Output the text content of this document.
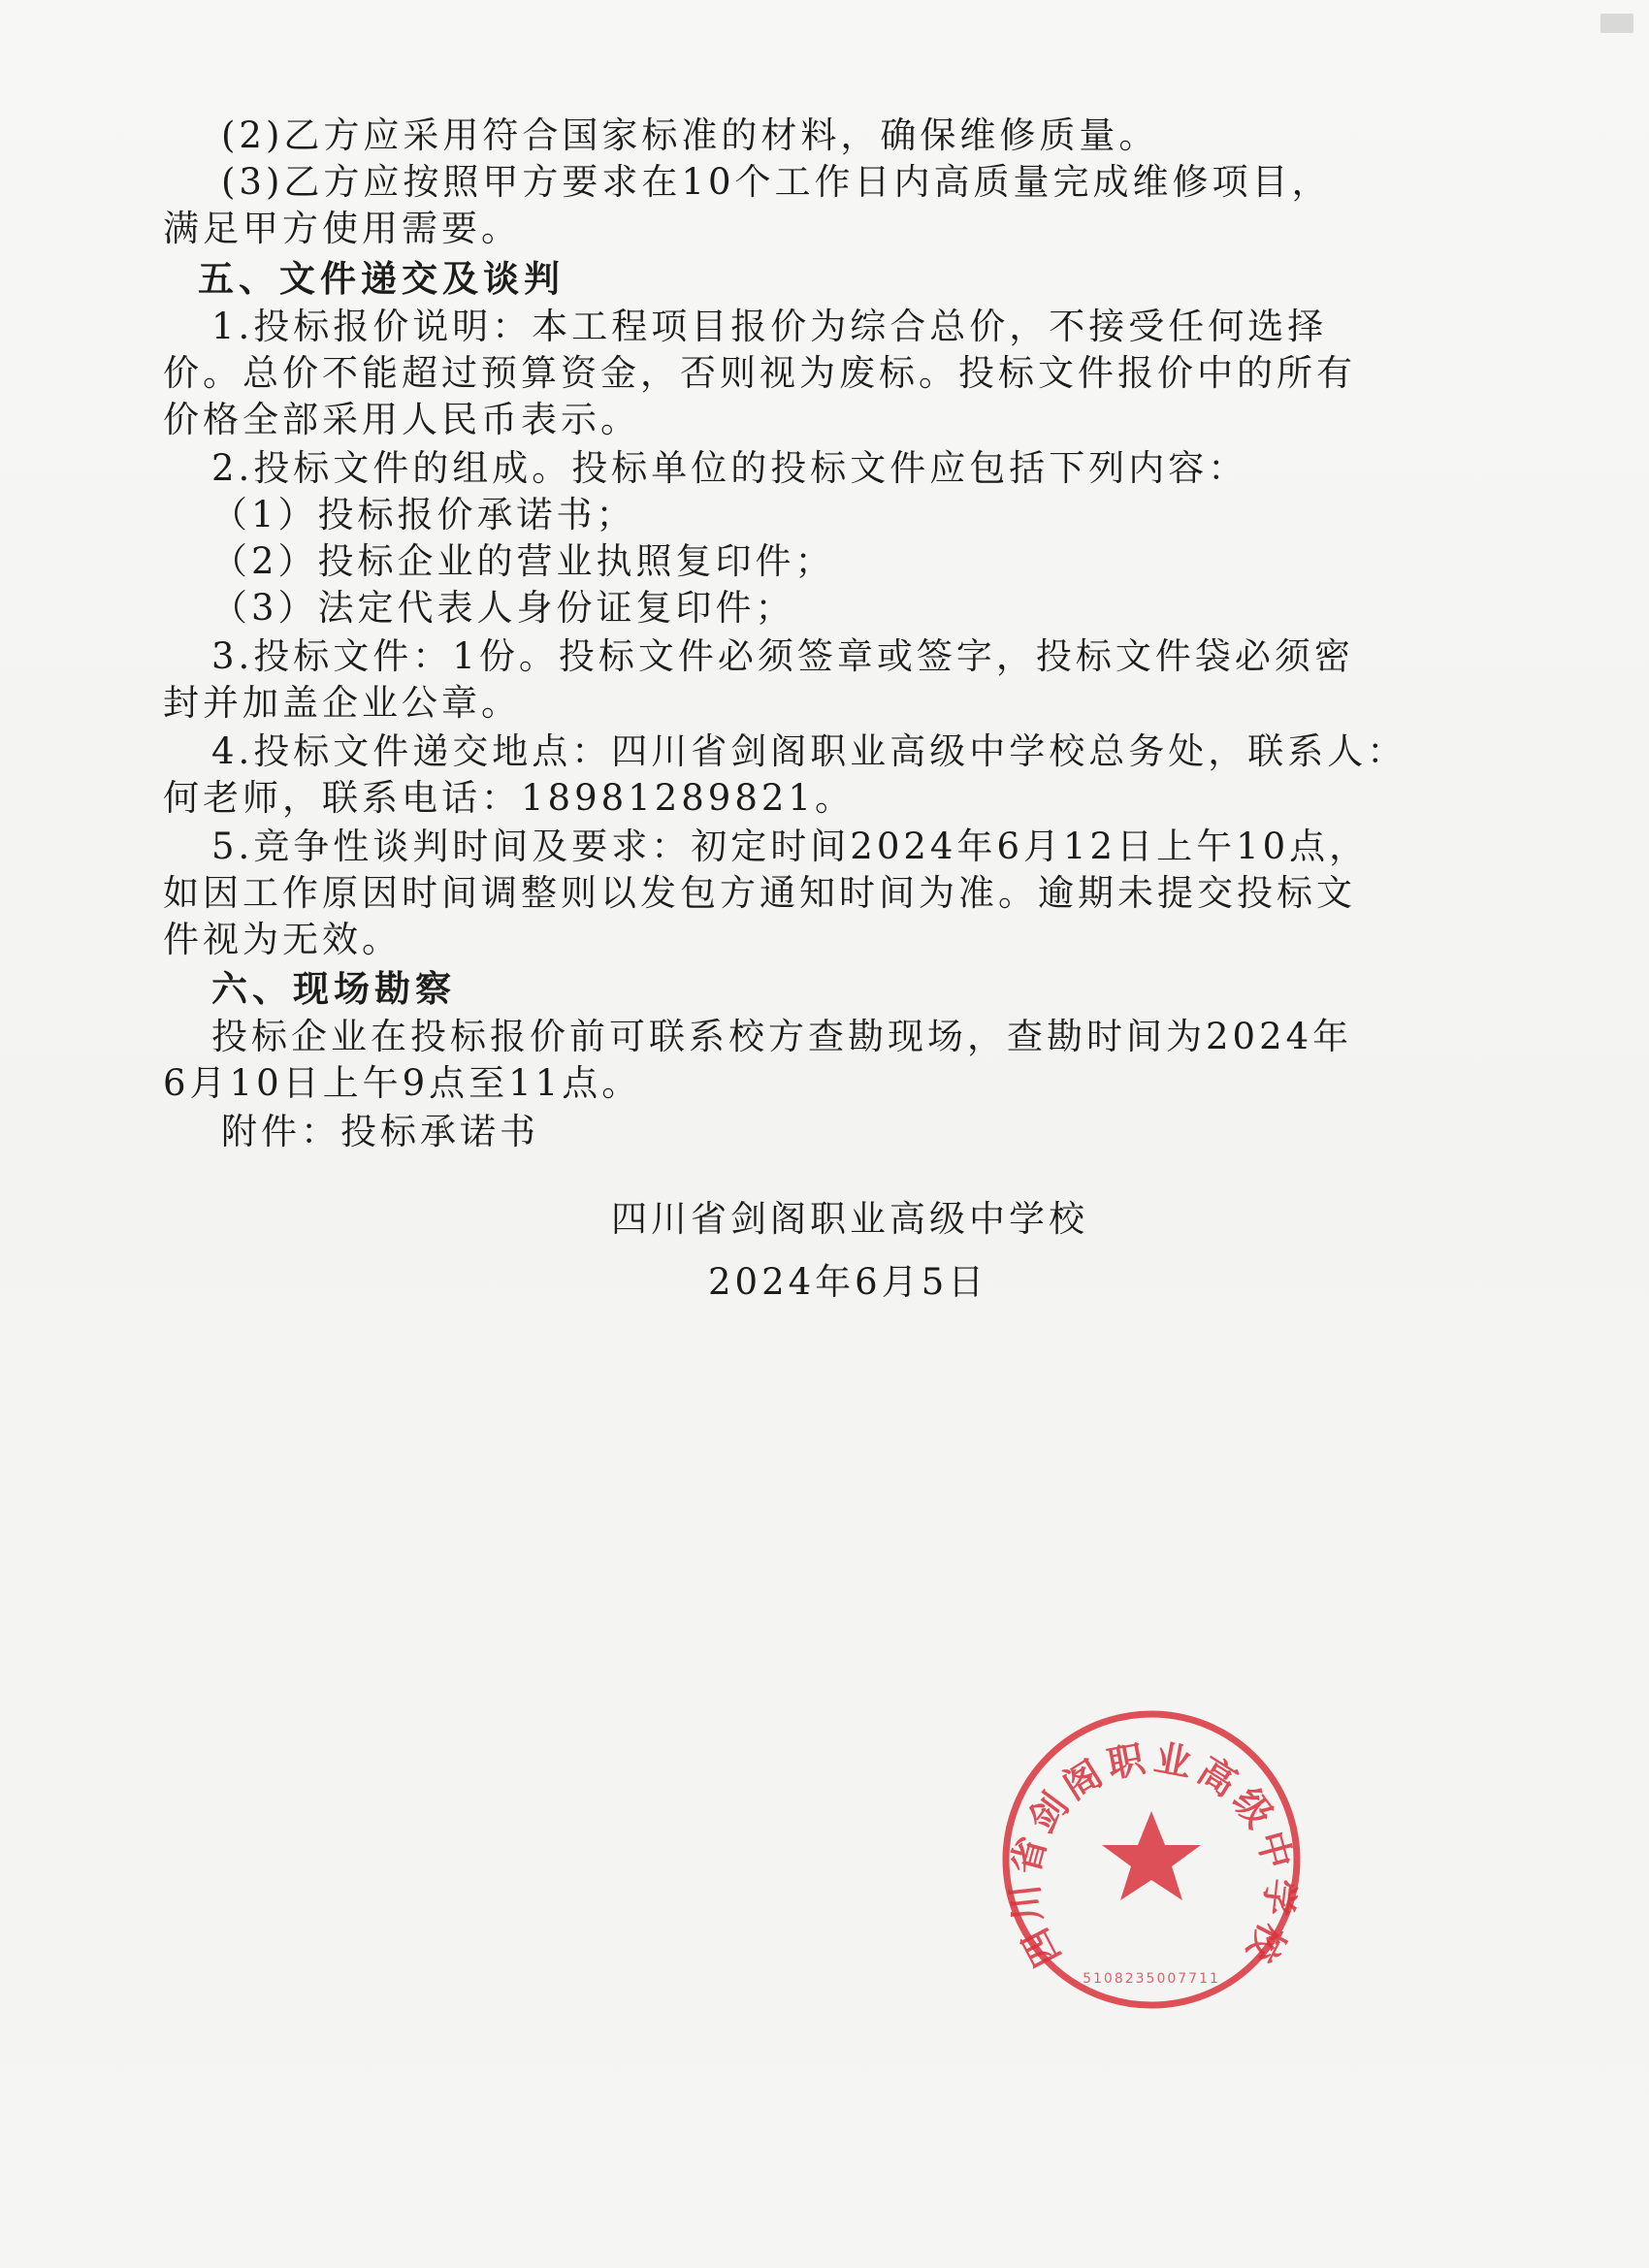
(2)乙方应采用符合国家标准的材料，确保维修质量。
(3)乙方应按照甲方要求在10个工作日内高质量完成维修项目，
满足甲方使用需要。
五、文件递交及谈判
1.投标报价说明：本工程项目报价为综合总价，不接受任何选择
价。总价不能超过预算资金，否则视为废标。投标文件报价中的所有
价格全部采用人民币表示。
2.投标文件的组成。投标单位的投标文件应包括下列内容：
（1）投标报价承诺书；
（2）投标企业的营业执照复印件；
（3）法定代表人身份证复印件；
3.投标文件：1份。投标文件必须签章或签字，投标文件袋必须密
封并加盖企业公章。
4.投标文件递交地点：四川省剑阁职业高级中学校总务处，联系人：
何老师，联系电话：18981289821。
5.竞争性谈判时间及要求：初定时间2024年6月12日上午10点，
如因工作原因时间调整则以发包方通知时间为准。逾期未提交投标文
件视为无效。
六、现场勘察
投标企业在投标报价前可联系校方查勘现场，查勘时间为2024年
6月10日上午9点至11点。
附件：投标承诺书
四川省剑阁职业高级中学校
2024年6月5日
四川省剑阁职业高级中学校
5108235007711
